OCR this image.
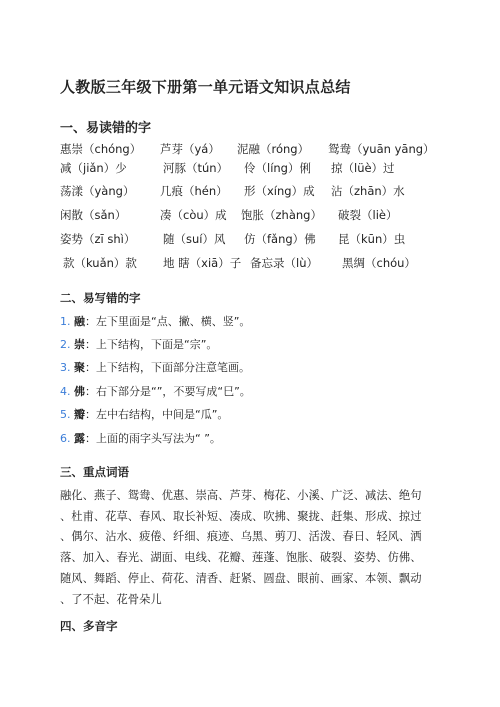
人教版三年级下册第一单元语文知识点总结
一、易读错的字
惠崇（chóng） 芦芽（yá） 泥融（róng） 鸳鸯（yuān yāng）
减（jiǎn）少	河豚（tún） 伶（líng）俐 掠（lüè）过
荡漾（yàng） 几痕（hén） 形（xíng）成 沾（zhān）水
闲散（sǎn）	凑（còu）成 饱胀（zhàng） 破裂（liè）
姿势（zī shì） 随（suí）风 仿（fǎng）佛 昆（kūn）虫
款（kuǎn）款 地 瞎（xiā）子 备忘录（lù） 黑绸（chóu）
二、易写错的字
1. 融：左下里面是“点、撇、横、竖”。
2. 崇：上下结构，下面是“宗”。
3. 聚：上下结构，下面部分注意笔画。
4. 佛：右下部分是“”，不要写成“巳”。
5. 瓣：左中右结构，中间是“瓜”。
6. 露：上面的雨字头写法为“ ”。
三、重点词语
融化、燕子、鸳鸯、优惠、崇高、芦芽、梅花、小溪、广泛、减法、绝句
、杜甫、花草、春风、取长补短、凑成、吹拂、聚拢、赶集、形成、掠过
、偶尔、沾水、疲倦、纤细、痕迹、乌黑、剪刀、活泼、春日、轻风、洒
落、加入、春光、湖面、电线、花瓣、莲蓬、饱胀、破裂、姿势、仿佛、
随风、舞蹈、停止、荷花、清香、赶紧、圆盘、眼前、画家、本领、飘动
、了不起、花骨朵儿
四、多音字
